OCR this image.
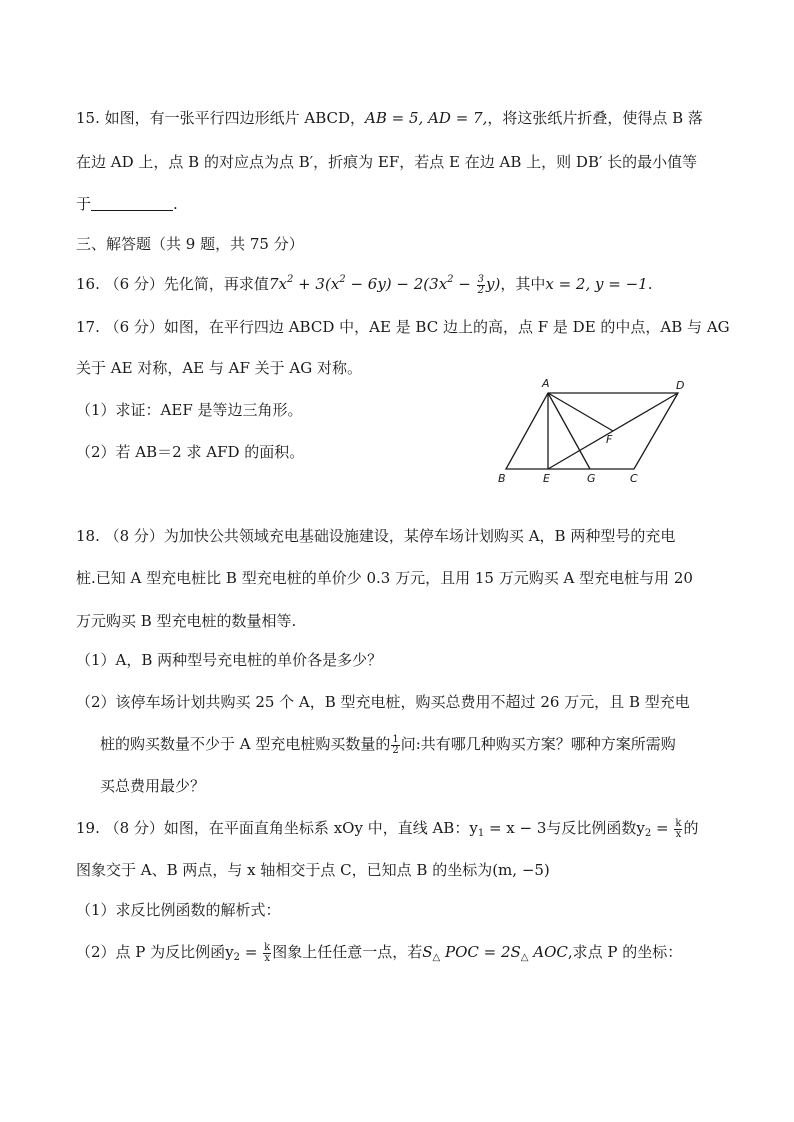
15. 如图，有一张平行四边形纸片 ABCD，AB = 5, AD = 7,，将这张纸片折叠，使得点 B 落
在边 AD 上，点 B 的对应点为点 B′，折痕为 EF，若点 E 在边 AB 上，则 DB′ 长的最小值等
于	.
三、解答题（共 9 题，共 75 分）
16. （6 分）先化简，再求值$7x^2 + 3(x^2 - 6y) - 2(3x^2 - \frac{3}{2} y)$，其中x = 2, y = −1.
17. （6 分）如图，在平行四边 ABCD 中，AE 是 BC 边上的高，点 F 是 DE 的中点，AB 与 AG
关于 AE 对称，AE 与 AF 关于 AG 对称。
（1）求证：AEF 是等边三角形。
（2）若 AB＝2 求 AFD 的面积。
A	D
F
B	E	G	C
18. （8 分）为加快公共领域充电基础设施建设，某停车场计划购买 A，B 两种型号的充电
桩.已知 A 型充电桩比 B 型充电桩的单价少 0.3 万元，且用 15 万元购买 A 型充电桩与用 20
万元购买 B 型充电桩的数量相等.
（1）A，B 两种型号充电桩的单价各是多少？
（2）该停车场计划共购买 25 个 A，B 型充电桩，购买总费用不超过 26 万元，且 B 型充电
桩的购买数量不少于 A 型充电桩购买数量的 $\frac{1}{2}$ 问:共有哪几种购买方案？哪种方案所需购
买总费用最少？
19. （8 分）如图，在平面直角坐标系 xOy 中，直线 AB：$y_1 = x - 3$与反比例函数$y_2 = \frac{k}{x}$ 的
图象交于 A、B 两点，与 x 轴相交于点 C，已知点 B 的坐标为(m, −5)
（1）求反比例函数的解析式：
（2）点 P 为反比例函$y_2 = \frac{k}{x}$ 图象上任任意一点，若$S_\triangle$ POC = $2S_\triangle$ AOC,求点 P 的坐标：
